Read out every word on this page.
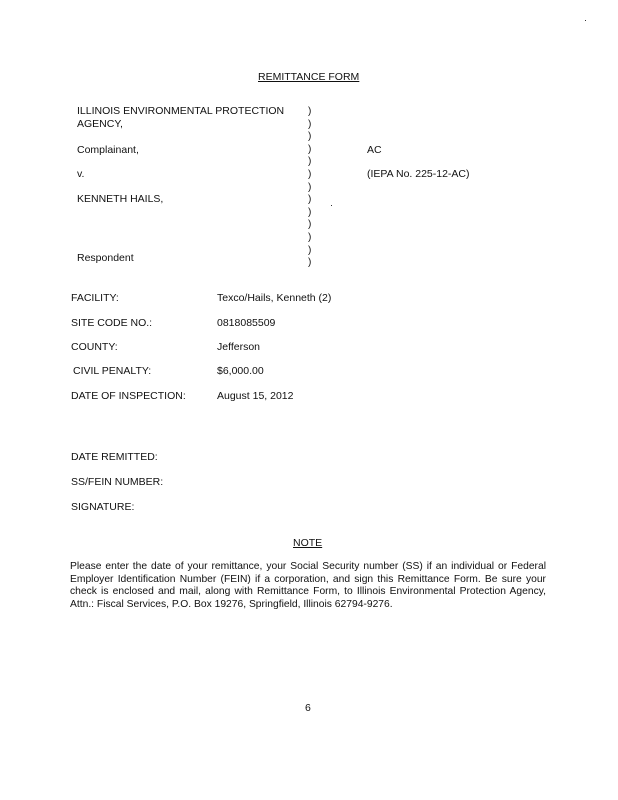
REMITTANCE FORM
ILLINOIS ENVIRONMENTAL PROTECTION
AGENCY,
Complainant,
v.
KENNETH HAILS,
Respondent
)
)
)
)
)
)
)
)
)
)
)
)
)
AC
(IEPA No. 225-12-AC)
FACILITY:	Texco/Hails, Kenneth (2)
SITE CODE NO.:	0818085509
COUNTY:	Jefferson
CIVIL PENALTY:	$6,000.00
DATE OF INSPECTION:	August 15, 2012
DATE REMITTED:
SS/FEIN NUMBER:
SIGNATURE:
NOTE
Please enter the date of your remittance, your Social Security number (SS) if an individual or Federal Employer Identification Number (FEIN) if a corporation, and sign this Remittance Form. Be sure your check is enclosed and mail, along with Remittance Form, to Illinois Environmental Protection Agency, Attn.: Fiscal Services, P.O. Box 19276, Springfield, Illinois 62794-9276.
6
